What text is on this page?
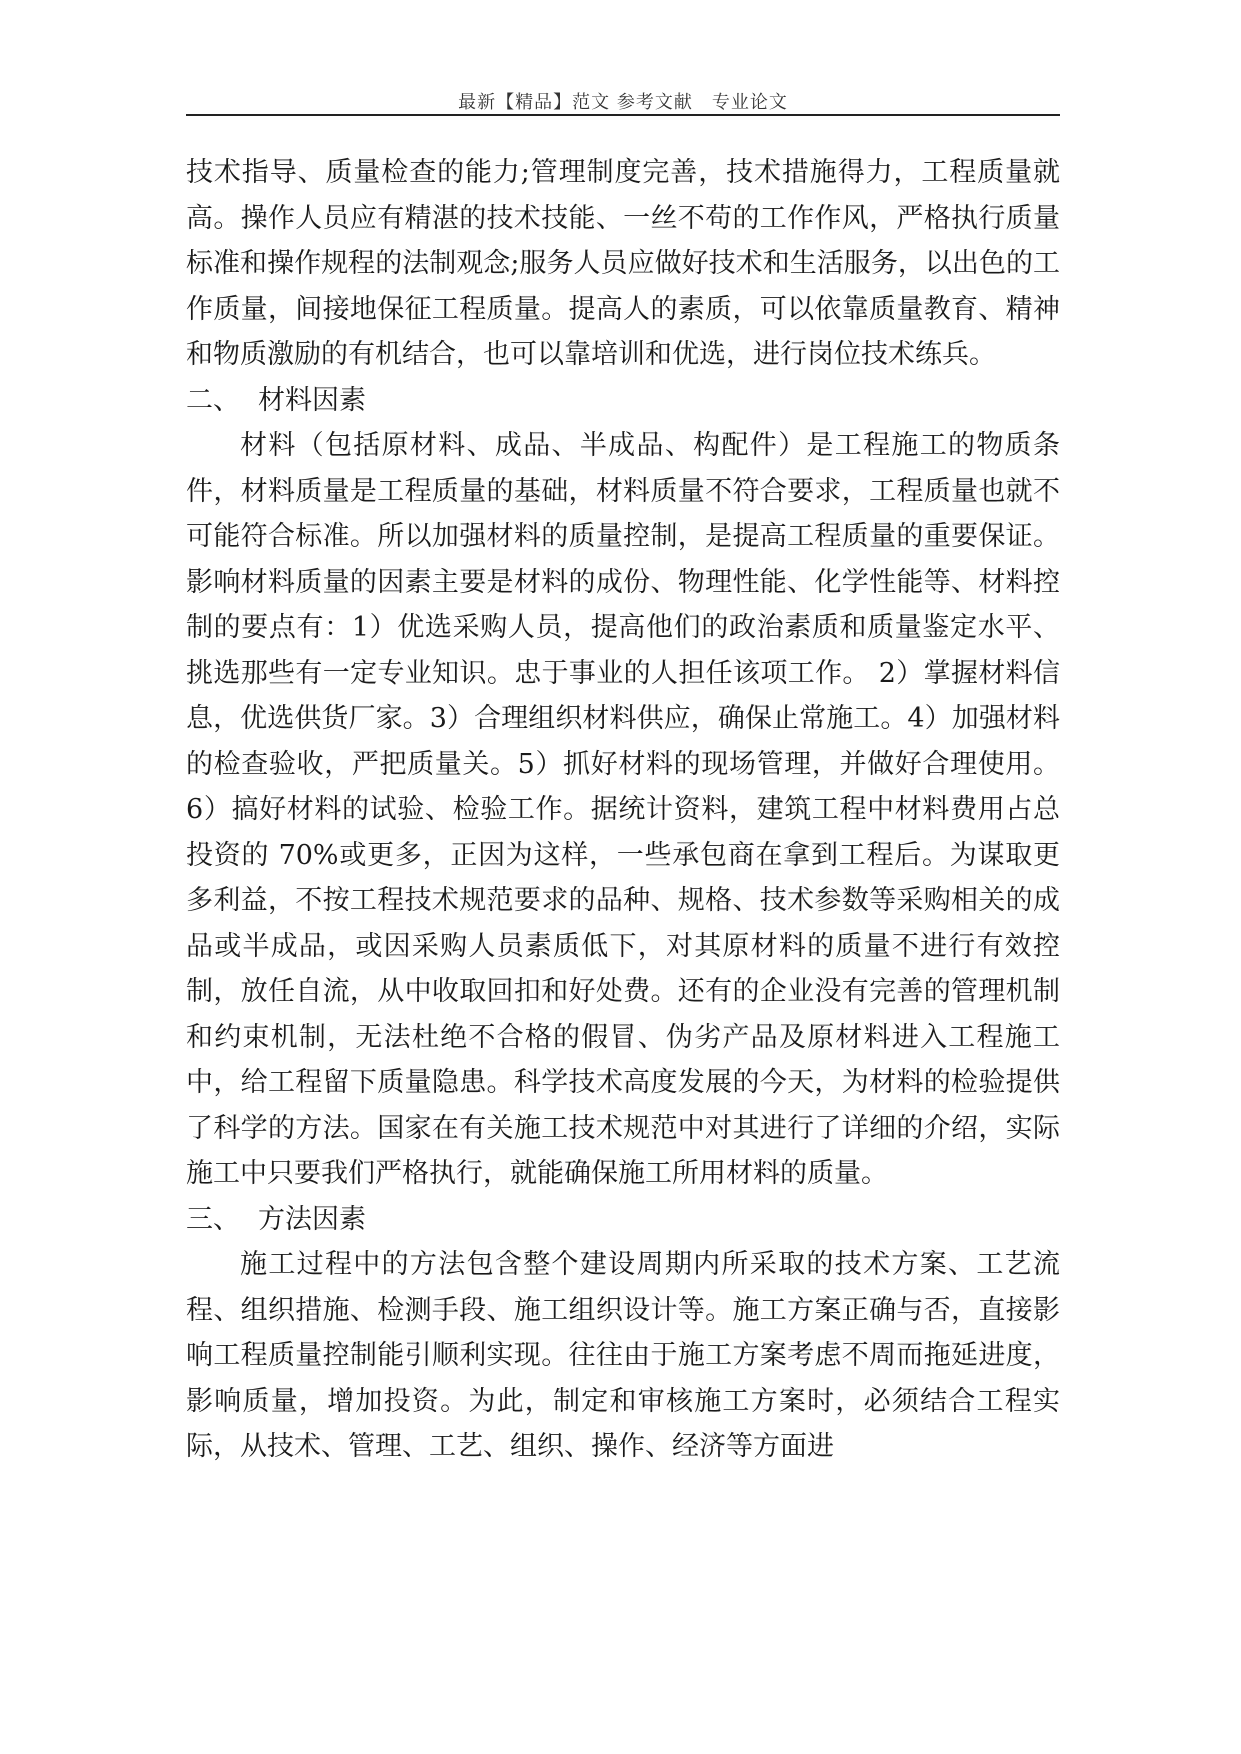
最新【精品】范文 参考文献　专业论文

技术指导、质量检查的能力;管理制度完善，技术措施得力，工程质量就高。操作人员应有精湛的技术技能、一丝不苟的工作作风，严格执行质量标准和操作规程的法制观念;服务人员应做好技术和生活服务，以出色的工作质量，间接地保征工程质量。提高人的素质，可以依靠质量教育、精神和物质激励的有机结合，也可以靠培训和优选，进行岗位技术练兵。

二、 材料因素

材料（包括原材料、成品、半成品、构配件）是工程施工的物质条件，材料质量是工程质量的基础，材料质量不符合要求，工程质量也就不可能符合标准。所以加强材料的质量控制，是提高工程质量的重要保证。影响材料质量的因素主要是材料的成份、物理性能、化学性能等、材料控制的要点有：1）优选采购人员，提高他们的政治素质和质量鉴定水平、挑选那些有一定专业知识。忠于事业的人担任该项工作。 2）掌握材料信息，优选供货厂家。3）合理组织材料供应，确保止常施工。4）加强材料的检查验收，严把质量关。5）抓好材料的现场管理，并做好合理使用。6）搞好材料的试验、检验工作。据统计资料，建筑工程中材料费用占总投资的 70%或更多，正因为这样，一些承包商在拿到工程后。为谋取更多利益，不按工程技术规范要求的品种、规格、技术参数等采购相关的成品或半成品，或因采购人员素质低下，对其原材料的质量不进行有效控制，放任自流，从中收取回扣和好处费。还有的企业没有完善的管理机制和约束机制，无法杜绝不合格的假冒、伪劣产品及原材料进入工程施工中，给工程留下质量隐患。科学技术高度发展的今天，为材料的检验提供了科学的方法。国家在有关施工技术规范中对其进行了详细的介绍，实际施工中只要我们严格执行，就能确保施工所用材料的质量。

三、 方法因素

施工过程中的方法包含整个建设周期内所采取的技术方案、工艺流程、组织措施、检测手段、施工组织设计等。施工方案正确与否，直接影响工程质量控制能引顺利实现。往往由于施工方案考虑不周而拖延进度，影响质量，增加投资。为此，制定和审核施工方案时，必须结合工程实际，从技术、管理、工艺、组织、操作、经济等方面进
